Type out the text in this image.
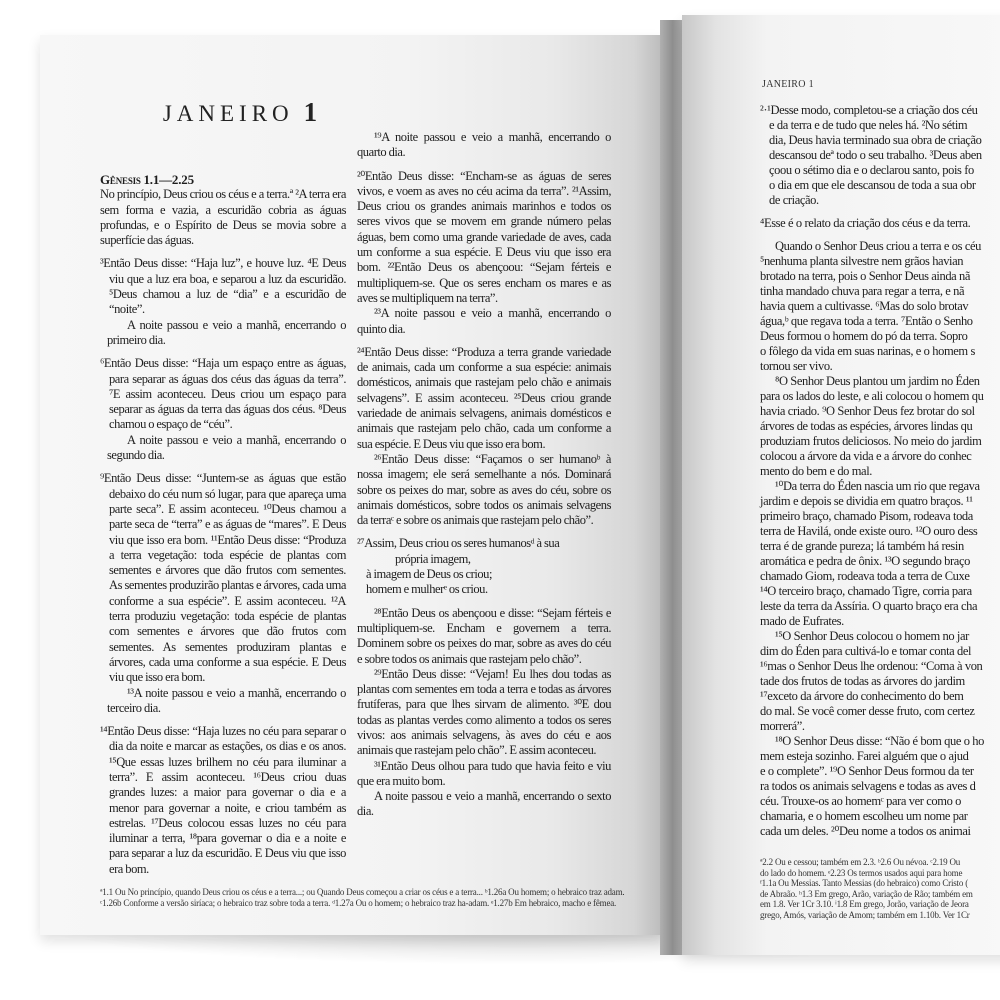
JANEIRO 1

Gênesis 1.1—2.25

No princípio, Deus criou os céus e a terra.ª ²A terra era sem forma e vazia, a escuridão cobria as águas profundas, e o Espírito de Deus se movia sobre a superfície das águas.

³Então Deus disse: “Haja luz”, e houve luz. ⁴E Deus viu que a luz era boa, e separou a luz da escuridão. ⁵Deus chamou a luz de “dia” e a escuridão de “noite”.

A noite passou e veio a manhã, encerrando o primeiro dia.

⁶Então Deus disse: “Haja um espaço entre as águas, para separar as águas dos céus das águas da terra”. ⁷E assim aconteceu. Deus criou um espaço para separar as águas da terra das águas dos céus. ⁸Deus chamou o espaço de “céu”.

A noite passou e veio a manhã, encerrando o segundo dia.

⁹Então Deus disse: “Juntem-se as águas que estão debaixo do céu num só lugar, para que apareça uma parte seca”. E assim aconteceu. ¹⁰Deus chamou a parte seca de “terra” e as águas de “mares”. E Deus viu que isso era bom. ¹¹Então Deus disse: “Produza a terra vegetação: toda espécie de plantas com sementes e árvores que dão frutos com sementes. As sementes produzirão plantas e árvores, cada uma conforme a sua espécie”. E assim aconteceu. ¹²A terra produziu vegetação: toda espécie de plantas com sementes e árvores que dão frutos com sementes. As sementes produziram plantas e árvores, cada uma conforme a sua espécie. E Deus viu que isso era bom.

¹³A noite passou e veio a manhã, encerrando o terceiro dia.

¹⁴Então Deus disse: “Haja luzes no céu para separar o dia da noite e marcar as estações, os dias e os anos. ¹⁵Que essas luzes brilhem no céu para iluminar a terra”. E assim aconteceu. ¹⁶Deus criou duas grandes luzes: a maior para governar o dia e a menor para governar a noite, e criou também as estrelas. ¹⁷Deus colocou essas luzes no céu para iluminar a terra, ¹⁸para governar o dia e a noite e para separar a luz da escuridão. E Deus viu que isso era bom.

¹⁹A noite passou e veio a manhã, encerrando o quarto dia.

²⁰Então Deus disse: “Encham-se as águas de seres vivos, e voem as aves no céu acima da terra”. ²¹Assim, Deus criou os grandes animais marinhos e todos os seres vivos que se movem em grande número pelas águas, bem como uma grande variedade de aves, cada um conforme a sua espécie. E Deus viu que isso era bom. ²²Então Deus os abençoou: “Sejam férteis e multipliquem-se. Que os seres encham os mares e as aves se multipliquem na terra”.

²³A noite passou e veio a manhã, encerrando o quinto dia.

²⁴Então Deus disse: “Produza a terra grande variedade de animais, cada um conforme a sua espécie: animais domésticos, animais que rastejam pelo chão e animais selvagens”. E assim aconteceu. ²⁵Deus criou grande variedade de animais selvagens, animais domésticos e animais que rastejam pelo chão, cada um conforme a sua espécie. E Deus viu que isso era bom.

²⁶Então Deus disse: “Façamos o ser humanoᵇ à nossa imagem; ele será semelhante a nós. Dominará sobre os peixes do mar, sobre as aves do céu, sobre os animais domésticos, sobre todos os animais selvagens da terraᶜ e sobre os animais que rastejam pelo chão”.

²⁷Assim, Deus criou os seres humanosᵈ à sua

própria imagem,

à imagem de Deus os criou;

homem e mulherᵉ os criou.

²⁸Então Deus os abençoou e disse: “Sejam férteis e multipliquem-se. Encham e governem a terra. Dominem sobre os peixes do mar, sobre as aves do céu e sobre todos os animais que rastejam pelo chão”.

²⁹Então Deus disse: “Vejam! Eu lhes dou todas as plantas com sementes em toda a terra e todas as árvores frutíferas, para que lhes sirvam de alimento. ³⁰E dou todas as plantas verdes como alimento a todos os seres vivos: aos animais selvagens, às aves do céu e aos animais que rastejam pelo chão”. E assim aconteceu.

³¹Então Deus olhou para tudo que havia feito e viu que era muito bom.

A noite passou e veio a manhã, encerrando o sexto dia.

ª1.1 Ou No princípio, quando Deus criou os céus e a terra...; ou Quando Deus começou a criar os céus e a terra... ᵇ1.26a Ou homem; o hebraico traz adam. ᶜ1.26b Conforme a versão siríaca; o hebraico traz sobre toda a terra. ᵈ1.27a Ou o homem; o hebraico traz ha-adam. ᵉ1.27b Em hebraico, macho e fêmea.
JANEIRO 1
²·¹Desse modo, completou-se a criação dos céu
e da terra e de tudo que neles há. ²No sétim
dia, Deus havia terminado sua obra de criação
descansou deª todo o seu trabalho. ³Deus aben
çoou o sétimo dia e o declarou santo, pois fo
o dia em que ele descansou de toda a sua obr
de criação.
⁴Esse é o relato da criação dos céus e da terra.
Quando o Senhor Deus criou a terra e os céu
⁵nenhuma planta silvestre nem grãos havian
brotado na terra, pois o Senhor Deus ainda nã
tinha mandado chuva para regar a terra, e nã
havia quem a cultivasse. ⁶Mas do solo brotav
água,ᵇ que regava toda a terra. ⁷Então o Senho
Deus formou o homem do pó da terra. Sopro
o fôlego da vida em suas narinas, e o homem s
tornou ser vivo.
⁸O Senhor Deus plantou um jardim no Éden
para os lados do leste, e ali colocou o homem qu
havia criado. ⁹O Senhor Deus fez brotar do sol
árvores de todas as espécies, árvores lindas qu
produziam frutos deliciosos. No meio do jardim
colocou a árvore da vida e a árvore do conhec
mento do bem e do mal.
¹⁰Da terra do Éden nascia um rio que regava
jardim e depois se dividia em quatro braços. ¹¹
primeiro braço, chamado Pisom, rodeava toda
terra de Havilá, onde existe ouro. ¹²O ouro dess
terra é de grande pureza; lá também há resin
aromática e pedra de ônix. ¹³O segundo braço
chamado Giom, rodeava toda a terra de Cuxe
¹⁴O terceiro braço, chamado Tigre, corria para
leste da terra da Assíria. O quarto braço era cha
mado de Eufrates.
¹⁵O Senhor Deus colocou o homem no jar
dim do Éden para cultivá-lo e tomar conta del
¹⁶mas o Senhor Deus lhe ordenou: “Coma à von
tade dos frutos de todas as árvores do jardim
¹⁷exceto da árvore do conhecimento do bem
do mal. Se você comer desse fruto, com certez
morrerá”.
¹⁸O Senhor Deus disse: “Não é bom que o ho
mem esteja sozinho. Farei alguém que o ajud
e o complete”. ¹⁹O Senhor Deus formou da ter
ra todos os animais selvagens e todas as aves d
céu. Trouxe-os ao homemᶜ para ver como o
chamaria, e o homem escolheu um nome par
cada um deles. ²⁰Deu nome a todos os animai
ª2.2 Ou e cessou; também em 2.3. ᵇ2.6 Ou névoa. ᶜ2.19 Ou
do lado do homem. ᵉ2.23 Os termos usados aqui para home
ᶠ1.1a Ou Messias. Tanto Messias (do hebraico) como Cristo (
de Abraão. ʰ1.3 Em grego, Arão, variação de Rão; também em
em 1.8. Ver 1Cr 3.10. ⁱ1.8 Em grego, Jorão, variação de Jeora
grego, Amós, variação de Amom; também em 1.10b. Ver 1Cr
